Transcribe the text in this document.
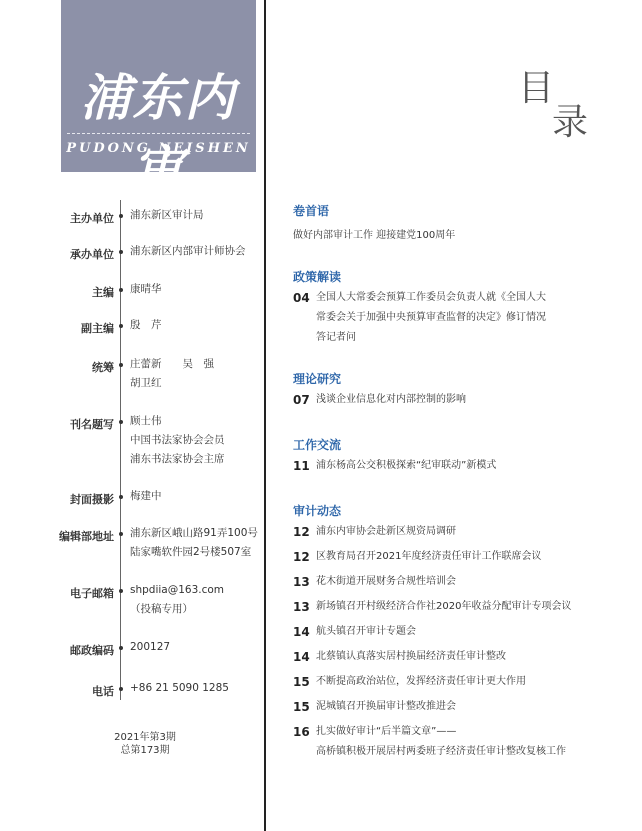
浦东内审
PUDONG NEISHEN
目
录
主办单位 浦东新区审计局
承办单位 浦东新区内部审计师协会
主编 康晴华
副主编 殷　芹
统筹 庄蕾新　　吴　强
胡卫红
刊名题写 顾士伟
中国书法家协会会员
浦东书法家协会主席
封面摄影 梅建中
编辑部地址 浦东新区峨山路91弄100号
陆家嘴软件园2号楼507室
电子邮箱 shpdiia@163.com
（投稿专用）
邮政编码 200127
电话 +86 21 5090 1285
2021年第3期
总第173期
卷首语
做好内部审计工作 迎接建党100周年
政策解读
04 全国人大常委会预算工作委员会负责人就《全国人大
常委会关于加强中央预算审查监督的决定》修订情况
答记者问
理论研究
07 浅谈企业信息化对内部控制的影响
工作交流
11 浦东杨高公交积极探索“纪审联动”新模式
审计动态
12 浦东内审协会赴新区规资局调研
12 区教育局召开2021年度经济责任审计工作联席会议
13 花木街道开展财务合规性培训会
13 新场镇召开村级经济合作社2020年收益分配审计专项会议
14 航头镇召开审计专题会
14 北蔡镇认真落实居村换届经济责任审计整改
15 不断提高政治站位，发挥经济责任审计更大作用
15 泥城镇召开换届审计整改推进会
16 扎实做好审计“后半篇文章”——
高桥镇积极开展居村两委班子经济责任审计整改复核工作
